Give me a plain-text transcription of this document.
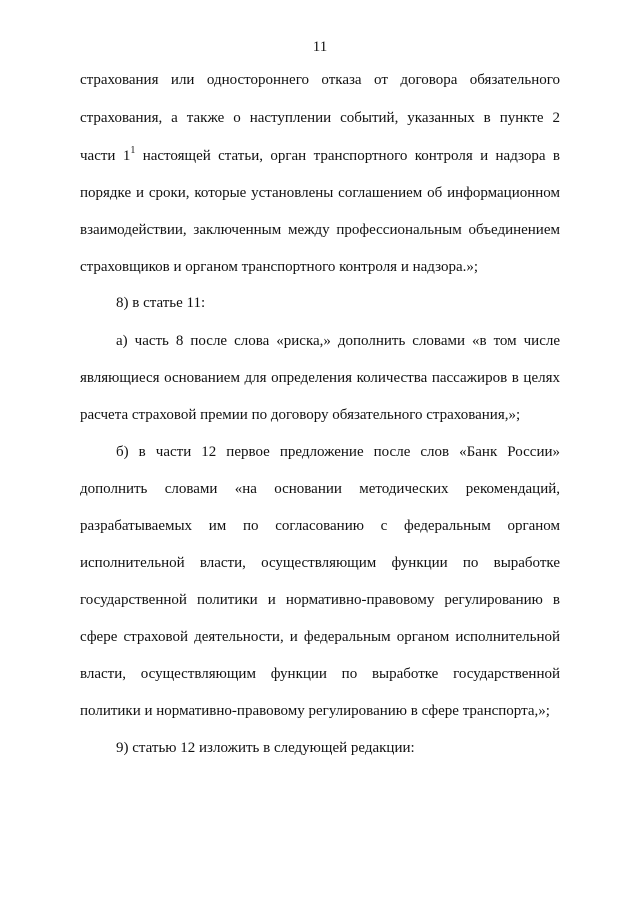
11
страхования или одностороннего отказа от договора обязательного
страхования, а также о наступлении событий, указанных в пункте 2
части $1^1$ настоящей статьи, орган транспортного контроля и надзора в
порядке и сроки, которые установлены соглашением об информационном
взаимодействии, заключенным между профессиональным объединением
страховщиков и органом транспортного контроля и надзора.»;
8) в статье 11:
а) часть 8 после слова «риска,» дополнить словами «в том числе
являющиеся основанием для определения количества пассажиров в целях
расчета страховой премии по договору обязательного страхования,»;
б) в части 12 первое предложение после слов «Банк России»
дополнить словами «на основании методических рекомендаций,
разрабатываемых им по согласованию с федеральным органом
исполнительной власти, осуществляющим функции по выработке
государственной политики и нормативно-правовому регулированию в
сфере страховой деятельности, и федеральным органом исполнительной
власти, осуществляющим функции по выработке государственной
политики и нормативно-правовому регулированию в сфере транспорта,»;
9) статью 12 изложить в следующей редакции:
